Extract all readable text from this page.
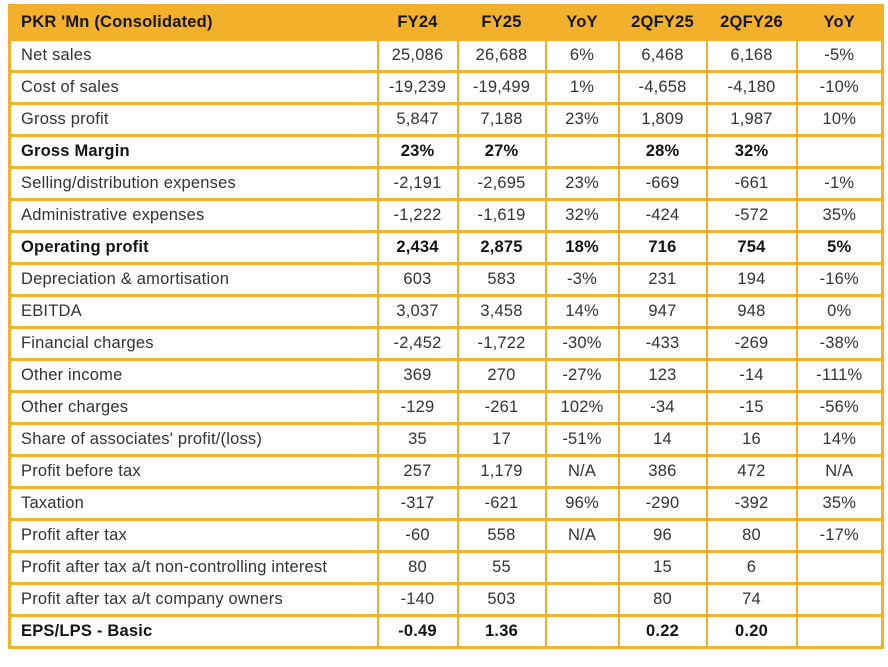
PKR 'Mn (Consolidated)	FY24	FY25	YoY	2QFY25	2QFY26	YoY
Net sales	25,086	26,688	6%	6,468	6,168	-5%
Cost of sales	-19,239	-19,499	1%	-4,658	-4,180	-10%
Gross profit	5,847	7,188	23%	1,809	1,987	10%
Gross Margin	23%	27%		28%	32%	
Selling/distribution expenses	-2,191	-2,695	23%	-669	-661	-1%
Administrative expenses	-1,222	-1,619	32%	-424	-572	35%
Operating profit	2,434	2,875	18%	716	754	5%
Depreciation & amortisation	603	583	-3%	231	194	-16%
EBITDA	3,037	3,458	14%	947	948	0%
Financial charges	-2,452	-1,722	-30%	-433	-269	-38%
Other income	369	270	-27%	123	-14	-111%
Other charges	-129	-261	102%	-34	-15	-56%
Share of associates' profit/(loss)	35	17	-51%	14	16	14%
Profit before tax	257	1,179	N/A	386	472	N/A
Taxation	-317	-621	96%	-290	-392	35%
Profit after tax	-60	558	N/A	96	80	-17%
Profit after tax a/t non-controlling interest	80	55		15	6	
Profit after tax a/t company owners	-140	503		80	74	
EPS/LPS - Basic	-0.49	1.36		0.22	0.20	
